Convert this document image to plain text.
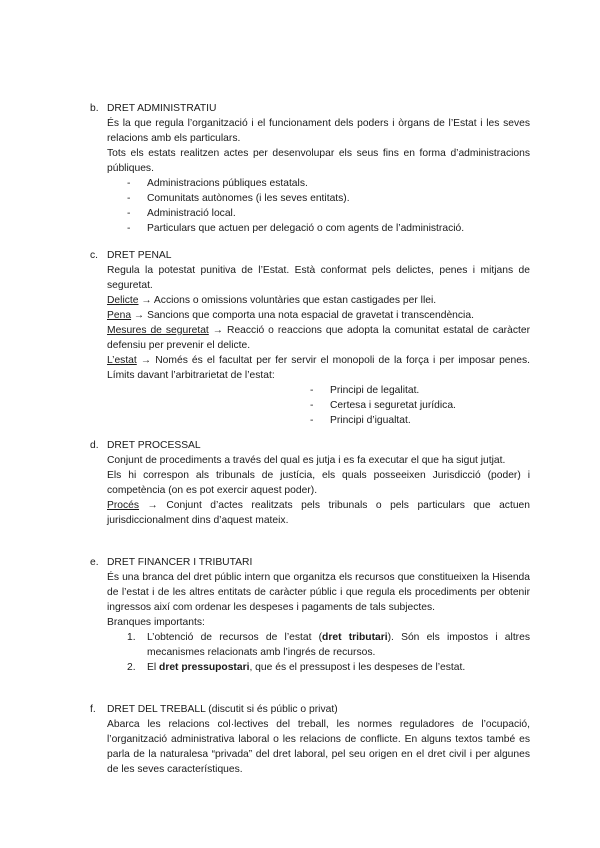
b. DRET ADMINISTRATIU

És la que regula l’organització i el funcionament dels poders i òrgans de l’Estat i les seves relacions amb els particulars.

Tots els estats realitzen actes per desenvolupar els seus fins en forma d’administracions públiques.

- Administracions públiques estatals.
- Comunitats autònomes (i les seves entitats).
- Administració local.
- Particulars que actuen per delegació o com agents de l’administració.
c. DRET PENAL

Regula la potestat punitiva de l’Estat. Està conformat pels delictes, penes i mitjans de seguretat.

Delicte → Accions o omissions voluntàries que estan castigades per llei.

Pena → Sancions que comporta una nota espacial de gravetat i transcendència.

Mesures de seguretat → Reacció o reaccions que adopta la comunitat estatal de caràcter defensiu per prevenir el delicte.

L’estat → Només és el facultat per fer servir el monopoli de la força i per imposar penes. Límits davant l’arbitrarietat de l’estat:

- Principi de legalitat.
- Certesa i seguretat jurídica.
- Principi d’igualtat.
d. DRET PROCESSAL

Conjunt de procediments a través del qual es jutja i es fa executar el que ha sigut jutjat.

Els hi correspon als tribunals de justícia, els quals posseeixen Jurisdicció (poder) i competència (on es pot exercir aquest poder).

Procés → Conjunt d’actes realitzats pels tribunals o pels particulars que actuen jurisdiccionalment dins d’aquest mateix.

e. DRET FINANCER I TRIBUTARI

És una branca del dret públic intern que organitza els recursos que constitueixen la Hisenda de l’estat i de les altres entitats de caràcter públic i que regula els procediments per obtenir ingressos així com ordenar les despeses i pagaments de tals subjectes.

Branques importants:
1. L’obtenció de recursos de l’estat (dret tributari). Són els impostos i altres mecanismes relacionats amb l’ingrés de recursos.
2. El dret pressupostari, que és el pressupost i les despeses de l’estat.
f. DRET DEL TREBALL (discutit si és públic o privat)

Abarca les relacions col·lectives del treball, les normes reguladores de l’ocupació, l’organització administrativa laboral o les relacions de conflicte. En alguns textos també es parla de la naturalesa “privada” del dret laboral, pel seu origen en el dret civil i per algunes de les seves característiques.
